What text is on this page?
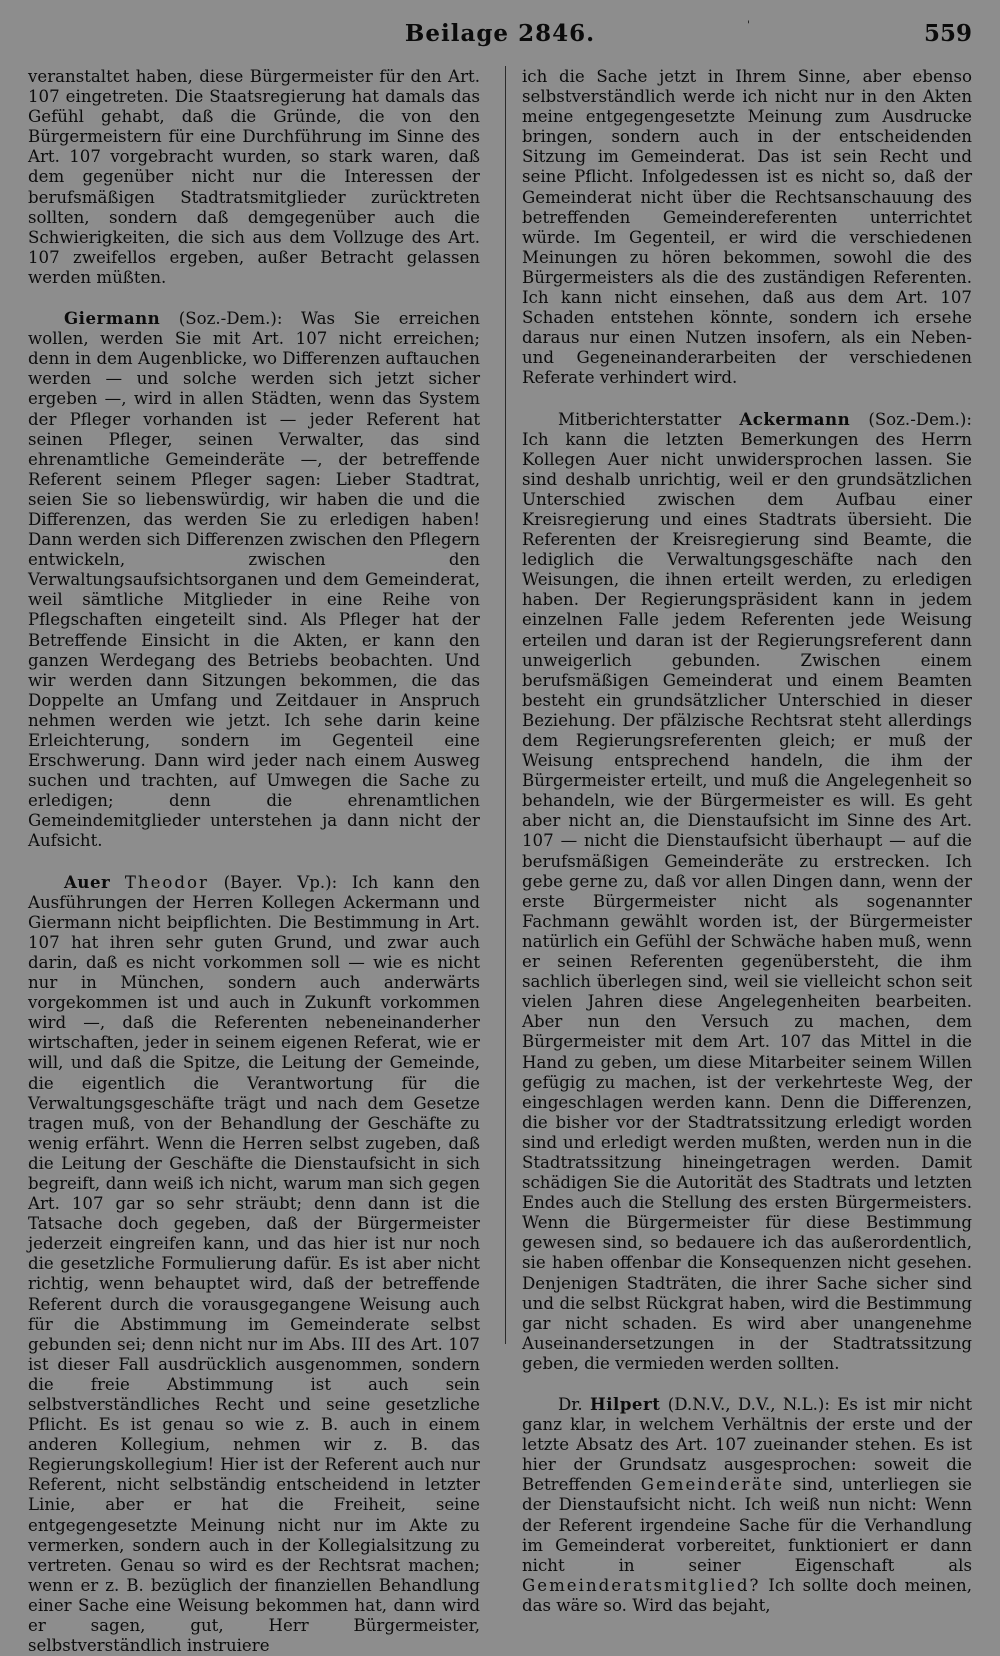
Beilage 2846.	'	559

veranstaltet haben, diese Bürgermeister für den Art. 107 eingetreten. Die Staatsregierung hat damals das Gefühl gehabt, daß die Gründe, die von den Bürgermeistern für eine Durchführung im Sinne des Art. 107 vorgebracht wurden, so stark waren, daß dem gegenüber nicht nur die Interessen der berufsmäßigen Stadtratsmitglieder zurücktreten sollten, sondern daß demgegenüber auch die Schwierigkeiten, die sich aus dem Vollzuge des Art. 107 zweifellos ergeben, außer Betracht gelassen werden müßten.

Giermann (Soz.-Dem.): Was Sie erreichen wollen, werden Sie mit Art. 107 nicht erreichen; denn in dem Augenblicke, wo Differenzen auftauchen werden — und solche werden sich jetzt sicher ergeben —, wird in allen Städten, wenn das System der Pfleger vorhanden ist — jeder Referent hat seinen Pfleger, seinen Verwalter, das sind ehrenamtliche Gemeinderäte —, der betreffende Referent seinem Pfleger sagen: Lieber Stadtrat, seien Sie so liebenswürdig, wir haben die und die Differenzen, das werden Sie zu erledigen haben! Dann werden sich Differenzen zwischen den Pflegern entwickeln, zwischen den Verwaltungsaufsichtsorganen und dem Gemeinderat, weil sämtliche Mitglieder in eine Reihe von Pflegschaften eingeteilt sind. Als Pfleger hat der Betreffende Einsicht in die Akten, er kann den ganzen Werdegang des Betriebs beobachten. Und wir werden dann Sitzungen bekommen, die das Doppelte an Umfang und Zeitdauer in Anspruch nehmen werden wie jetzt. Ich sehe darin keine Erleichterung, sondern im Gegenteil eine Erschwerung. Dann wird jeder nach einem Ausweg suchen und trachten, auf Umwegen die Sache zu erledigen; denn die ehrenamtlichen Gemeindemitglieder unterstehen ja dann nicht der Aufsicht.

Auer Theodor (Bayer. Vp.): Ich kann den Ausführungen der Herren Kollegen Ackermann und Giermann nicht beipflichten. Die Bestimmung in Art. 107 hat ihren sehr guten Grund, und zwar auch darin, daß es nicht vorkommen soll — wie es nicht nur in München, sondern auch anderwärts vorgekommen ist und auch in Zukunft vorkommen wird —, daß die Referenten nebeneinanderher wirtschaften, jeder in seinem eigenen Referat, wie er will, und daß die Spitze, die Leitung der Gemeinde, die eigentlich die Verantwortung für die Verwaltungsgeschäfte trägt und nach dem Gesetze tragen muß, von der Behandlung der Geschäfte zu wenig erfährt. Wenn die Herren selbst zugeben, daß die Leitung der Geschäfte die Dienstaufsicht in sich begreift, dann weiß ich nicht, warum man sich gegen Art. 107 gar so sehr sträubt; denn dann ist die Tatsache doch gegeben, daß der Bürgermeister jederzeit eingreifen kann, und das hier ist nur noch die gesetzliche Formulierung dafür. Es ist aber nicht richtig, wenn behauptet wird, daß der betreffende Referent durch die vorausgegangene Weisung auch für die Abstimmung im Gemeinderate selbst gebunden sei; denn nicht nur im Abs. III des Art. 107 ist dieser Fall ausdrücklich ausgenommen, sondern die freie Abstimmung ist auch sein selbstverständliches Recht und seine gesetzliche Pflicht. Es ist genau so wie z. B. auch in einem anderen Kollegium, nehmen wir z. B. das Regierungskollegium! Hier ist der Referent auch nur Referent, nicht selbständig entscheidend in letzter Linie, aber er hat die Freiheit, seine entgegengesetzte Meinung nicht nur im Akte zu vermerken, sondern auch in der Kollegialsitzung zu vertreten. Genau so wird es der Rechtsrat machen; wenn er z. B. bezüglich der finanziellen Behandlung einer Sache eine Weisung bekommen hat, dann wird er sagen, gut, Herr Bürgermeister, selbstverständlich instruiere

ich die Sache jetzt in Ihrem Sinne, aber ebenso selbstverständlich werde ich nicht nur in den Akten meine entgegengesetzte Meinung zum Ausdrucke bringen, sondern auch in der entscheidenden Sitzung im Gemeinderat. Das ist sein Recht und seine Pflicht. Infolgedessen ist es nicht so, daß der Gemeinderat nicht über die Rechtsanschauung des betreffenden Gemeindereferenten unterrichtet würde. Im Gegenteil, er wird die verschiedenen Meinungen zu hören bekommen, sowohl die des Bürgermeisters als die des zuständigen Referenten. Ich kann nicht einsehen, daß aus dem Art. 107 Schaden entstehen könnte, sondern ich ersehe daraus nur einen Nutzen insofern, als ein Neben- und Gegeneinanderarbeiten der verschiedenen Referate verhindert wird.

Mitberichterstatter Ackermann (Soz.-Dem.): Ich kann die letzten Bemerkungen des Herrn Kollegen Auer nicht unwidersprochen lassen. Sie sind deshalb unrichtig, weil er den grundsätzlichen Unterschied zwischen dem Aufbau einer Kreisregierung und eines Stadtrats übersieht. Die Referenten der Kreisregierung sind Beamte, die lediglich die Verwaltungsgeschäfte nach den Weisungen, die ihnen erteilt werden, zu erledigen haben. Der Regierungspräsident kann in jedem einzelnen Falle jedem Referenten jede Weisung erteilen und daran ist der Regierungsreferent dann unweigerlich gebunden. Zwischen einem berufsmäßigen Gemeinderat und einem Beamten besteht ein grundsätzlicher Unterschied in dieser Beziehung. Der pfälzische Rechtsrat steht allerdings dem Regierungsreferenten gleich; er muß der Weisung entsprechend handeln, die ihm der Bürgermeister erteilt, und muß die Angelegenheit so behandeln, wie der Bürgermeister es will. Es geht aber nicht an, die Dienstaufsicht im Sinne des Art. 107 — nicht die Dienstaufsicht überhaupt — auf die berufsmäßigen Gemeinderäte zu erstrecken. Ich gebe gerne zu, daß vor allen Dingen dann, wenn der erste Bürgermeister nicht als sogenannter Fachmann gewählt worden ist, der Bürgermeister natürlich ein Gefühl der Schwäche haben muß, wenn er seinen Referenten gegenübersteht, die ihm sachlich überlegen sind, weil sie vielleicht schon seit vielen Jahren diese Angelegenheiten bearbeiten. Aber nun den Versuch zu machen, dem Bürgermeister mit dem Art. 107 das Mittel in die Hand zu geben, um diese Mitarbeiter seinem Willen gefügig zu machen, ist der verkehrteste Weg, der eingeschlagen werden kann. Denn die Differenzen, die bisher vor der Stadtratssitzung erledigt worden sind und erledigt werden mußten, werden nun in die Stadtratssitzung hineingetragen werden. Damit schädigen Sie die Autorität des Stadtrats und letzten Endes auch die Stellung des ersten Bürgermeisters. Wenn die Bürgermeister für diese Bestimmung gewesen sind, so bedauere ich das außerordentlich, sie haben offenbar die Konsequenzen nicht gesehen. Denjenigen Stadträten, die ihrer Sache sicher sind und die selbst Rückgrat haben, wird die Bestimmung gar nicht schaden. Es wird aber unangenehme Auseinandersetzungen in der Stadtratssitzung geben, die vermieden werden sollten.

Dr. Hilpert (D.N.V., D.V., N.L.): Es ist mir nicht ganz klar, in welchem Verhältnis der erste und der letzte Absatz des Art. 107 zueinander stehen. Es ist hier der Grundsatz ausgesprochen: soweit die Betreffenden Gemeinderäte sind, unterliegen sie der Dienstaufsicht nicht. Ich weiß nun nicht: Wenn der Referent irgendeine Sache für die Verhandlung im Gemeinderat vorbereitet, funktioniert er dann nicht in seiner Eigenschaft als Gemeinderatsmitglied? Ich sollte doch meinen, das wäre so. Wird das bejaht,
